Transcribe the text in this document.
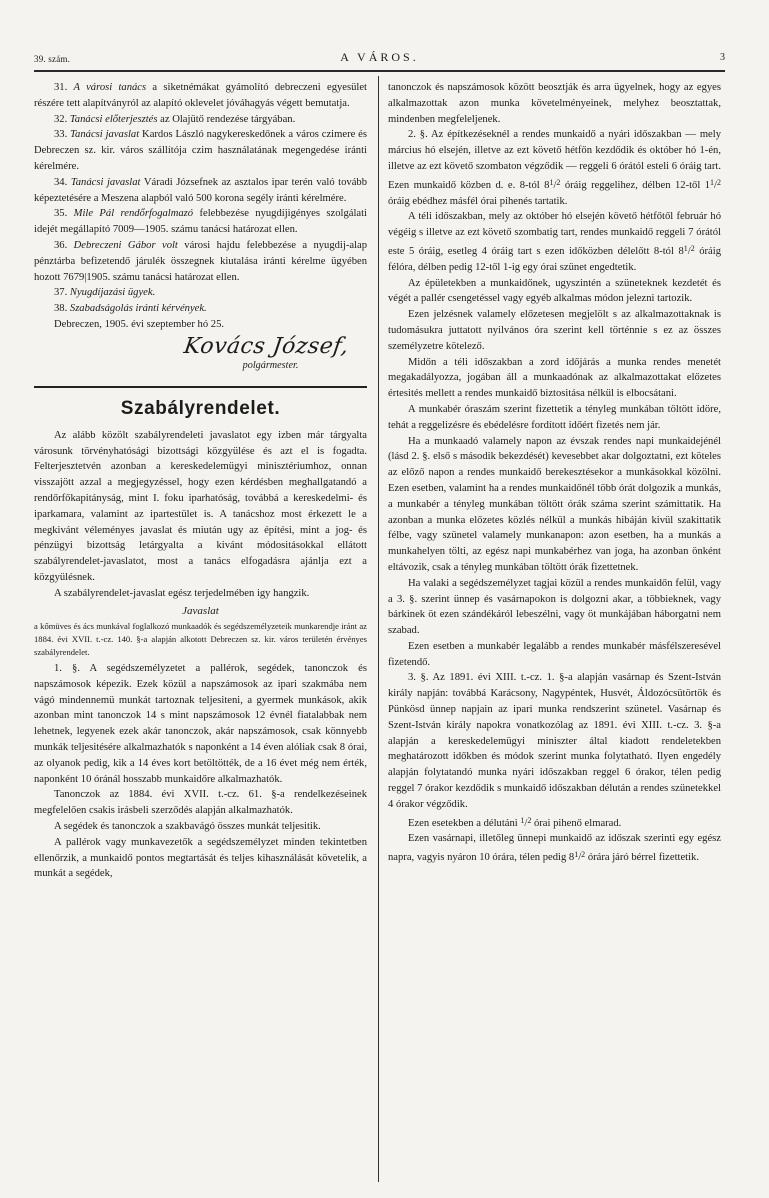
39. szám.	A VÁROS.	3

31. A városi tanács a siketnémákat gyámolító debreczeni egyesület részére tett alapítványról az alapító oklevelet jóváhagyás végett bemutatja.

32. Tanácsi előterjesztés az Olajütő rendezése tárgyában.

33. Tanácsi javaslat Kardos László nagykereskedőnek a város czimere és Debreczen sz. kir. város szállítója czim használatának megengedése iránti kérelmére.

34. Tanácsi javaslat Váradi Józsefnek az asztalos ipar terén való tovább képeztetésére a Meszena alapból való 500 korona segély iránti kérelmére.

35. Mile Pál rendőrfogalmazó felebbezése nyugdíjigényes szolgálati idejét megállapító 7009—1905. számu tanácsi határozat ellen.

36. Debreczeni Gábor volt városi hajdu felebbezése a nyugdij-alap pénztárba befizetendő járulék összegnek kiutalása iránti kérelme ügyében hozott 7679|1905. számu tanácsi határozat ellen.

37. Nyugdíjazási ügyek.

38. Szabadságolás iránti kérvények.

Debreczen, 1905. évi szeptember hó 25.

Kovács József,
polgármester.
Szabályrendelet.

Az alább közölt szabályrendeleti javaslatot egy izben már tárgyalta városunk törvényhatósági bizottsági közgyülése és azt el is fogadta. Felterjesztetvén azonban a kereskedelemügyi minisztériumhoz, onnan visszajött azzal a megjegyzéssel, hogy ezen kérdésben meghallgatandó a rendőrfőkapitányság, mint I. foku iparhatóság, továbbá a kereskedelmi- és iparkamara, valamint az ipartestület is. A tanácshoz most érkezett le a megkivánt véleményes javaslat és miután ugy az építési, mint a jog- és pénzügyi bizottság letárgyalta a kivánt módositásokkal ellátott szabályrendelet-javaslatot, most a tanács elfogadásra ajánlja ezt a közgyülésnek.

A szabályrendelet-javaslat egész terjedelmében igy hangzik.

Javaslat

a kőmüves és ács munkával foglalkozó munkaadók és segédszemélyzeteik munkarendje iránt az 1884. évi XVII. t.-cz. 140. §-a alapján alkotott Debreczen sz. kir. város területén érvényes szabályrendelet.

1. §. A segédszemélyzetet a pallérok, segédek, tanonczok és napszámosok képezik. Ezek közül a napszámosok az ipari szakmába nem vágó mindennemü munkát tartoznak teljesiteni, a gyermek munkások, akik azonban mint tanonczok 14 s mint napszámosok 12 évnél fiatalabbak nem lehetnek, legyenek ezek akár tanonczok, akár napszámosok, csak könnyebb munkák teljesitésére alkalmazhatók s naponként a 14 éven alóliak csak 8 órai, az olyanok pedig, kik a 14 éves kort betöltötték, de a 16 évet még nem érték, naponként 10 óránál hosszabb munkaidőre alkalmazhatók.

Tanonczok az 1884. évi XVII. t.-cz. 61. §-a rendelkezéseinek megfelelően csakis irásbeli szerződés alapján alkalmazhatók.

A segédek és tanonczok a szakbavágó összes munkát teljesitik.

A pallérok vagy munkavezetők a segédszemélyzet minden tekintetben ellenőrzik, a munkaidő pontos megtartását és teljes kihasználását követelik, a munkát a segédek,

tanonczok és napszámosok között beosztják és arra ügyelnek, hogy az egyes alkalmazottak azon munka követelményeinek, melyhez beosztattak, mindenben megfeleljenek.

2. §. Az építkezéseknél a rendes munkaidő a nyári időszakban — mely március hó elsején, illetve az ezt követő hétfőn kezdődik és október hó 1-én, illetve az ezt követő szombaton végződik — reggeli 6 órától esteli 6 óráig tart. Ezen munkaidő közben d. e. 8-tól $8^1/^2$ óráig reggelihez, délben 12-től $1^1/^2$ óráig ebédhez másfél órai pihenés tartatik.

A téli időszakban, mely az október hó elsején követő hétfőtől február hó végéig s illetve az ezt követő szombatig tart, rendes munkaidő reggeli 7 órától este 5 óráig, esetleg 4 óráig tart s ezen időközben délelőtt 8-tól $8^1/^2$ óráig félóra, délben pedig 12-től 1-ig egy órai szünet engedtetik.

Az épületekben a munkaidőnek, ugyszintén a szüneteknek kezdetét és végét a pallér csengetéssel vagy egyéb alkalmas módon jelezni tartozik.

Ezen jelzésnek valamely előzetesen megjelölt s az alkalmazottaknak is tudomásukra juttatott nyilvános óra szerint kell történnie s ez az összes személyzetre kötelező.

Midőn a téli időszakban a zord időjárás a munka rendes menetét megakadályozza, jogában áll a munkaadónak az alkalmazottakat előzetes értesités mellett a rendes munkaidő biztositása nélkül is elbocsátani.

A munkabér óraszám szerint fizettetik a tényleg munkában töltött idöre, tehát a reggelizésre és ebédelésre fordított időért fizetés nem jár.

Ha a munkaadó valamely napon az évszak rendes napi munkaidejénél (lásd 2. §. első s második bekezdését) kevesebbet akar dolgoztatni, ezt köteles az előző napon a rendes munkaidő berekesztésekor a munkásokkal közölni. Ezen esetben, valamint ha a rendes munkaidőnél több órát dolgozik a munkás, a munkabér a tényleg munkában töltött órák száma szerint számittatik. Ha azonban a munka előzetes közlés nélkül a munkás hibáján kivül szakittatik félbe, vagy szünetel valamely munkanapon: azon esetben, ha a munkás a munkahelyen tölti, az egész napi munkabérhez van joga, ha azonban önként eltávozik, csak a tényleg munkában töltött órák fizettetnek.

Ha valaki a segédszemélyzet tagjai közül a rendes munkaidőn felül, vagy a 3. §. szerint ünnep és vasárnapokon is dolgozni akar, a többieknek, vagy bárkinek öt ezen szándékáról lebeszélni, vagy öt munkájában háborgatni nem szabad.

Ezen esetben a munkabér legalább a rendes munkabér másfélszeresével fizetendő.

3. §. Az 1891. évi XIII. t.-cz. 1. §-a alapján vasárnap és Szent-István király napján: továbbá Karácsony, Nagypéntek, Husvét, Áldozócsütörtök és Pünkösd ünnep napjain az ipari munka rendszerint szünetel. Vasárnap és Szent-István király napokra vonatkozólag az 1891. évi XIII. t.-cz. 3. §-a alapján a kereskedelemügyi miniszter által kiadott rendeletekben meghatározott időkben és módok szerint munka folytatható. Ilyen engedély alapján folytatandó munka nyári időszakban reggel 6 órakor, télen pedig reggel 7 órakor kezdődik s munkaidő időszakban délután a rendes szünetekkel 4 órakor végződik.

Ezen esetekben a délutáni $^1$/$^2$ órai pihenő elmarad.

Ezen vasárnapi, illetőleg ünnepi munkaidő az időszak szerinti egy egész napra, vagyis nyáron 10 órára, télen pedig $8^1/^2$ órára járó bérrel fizettetik.
